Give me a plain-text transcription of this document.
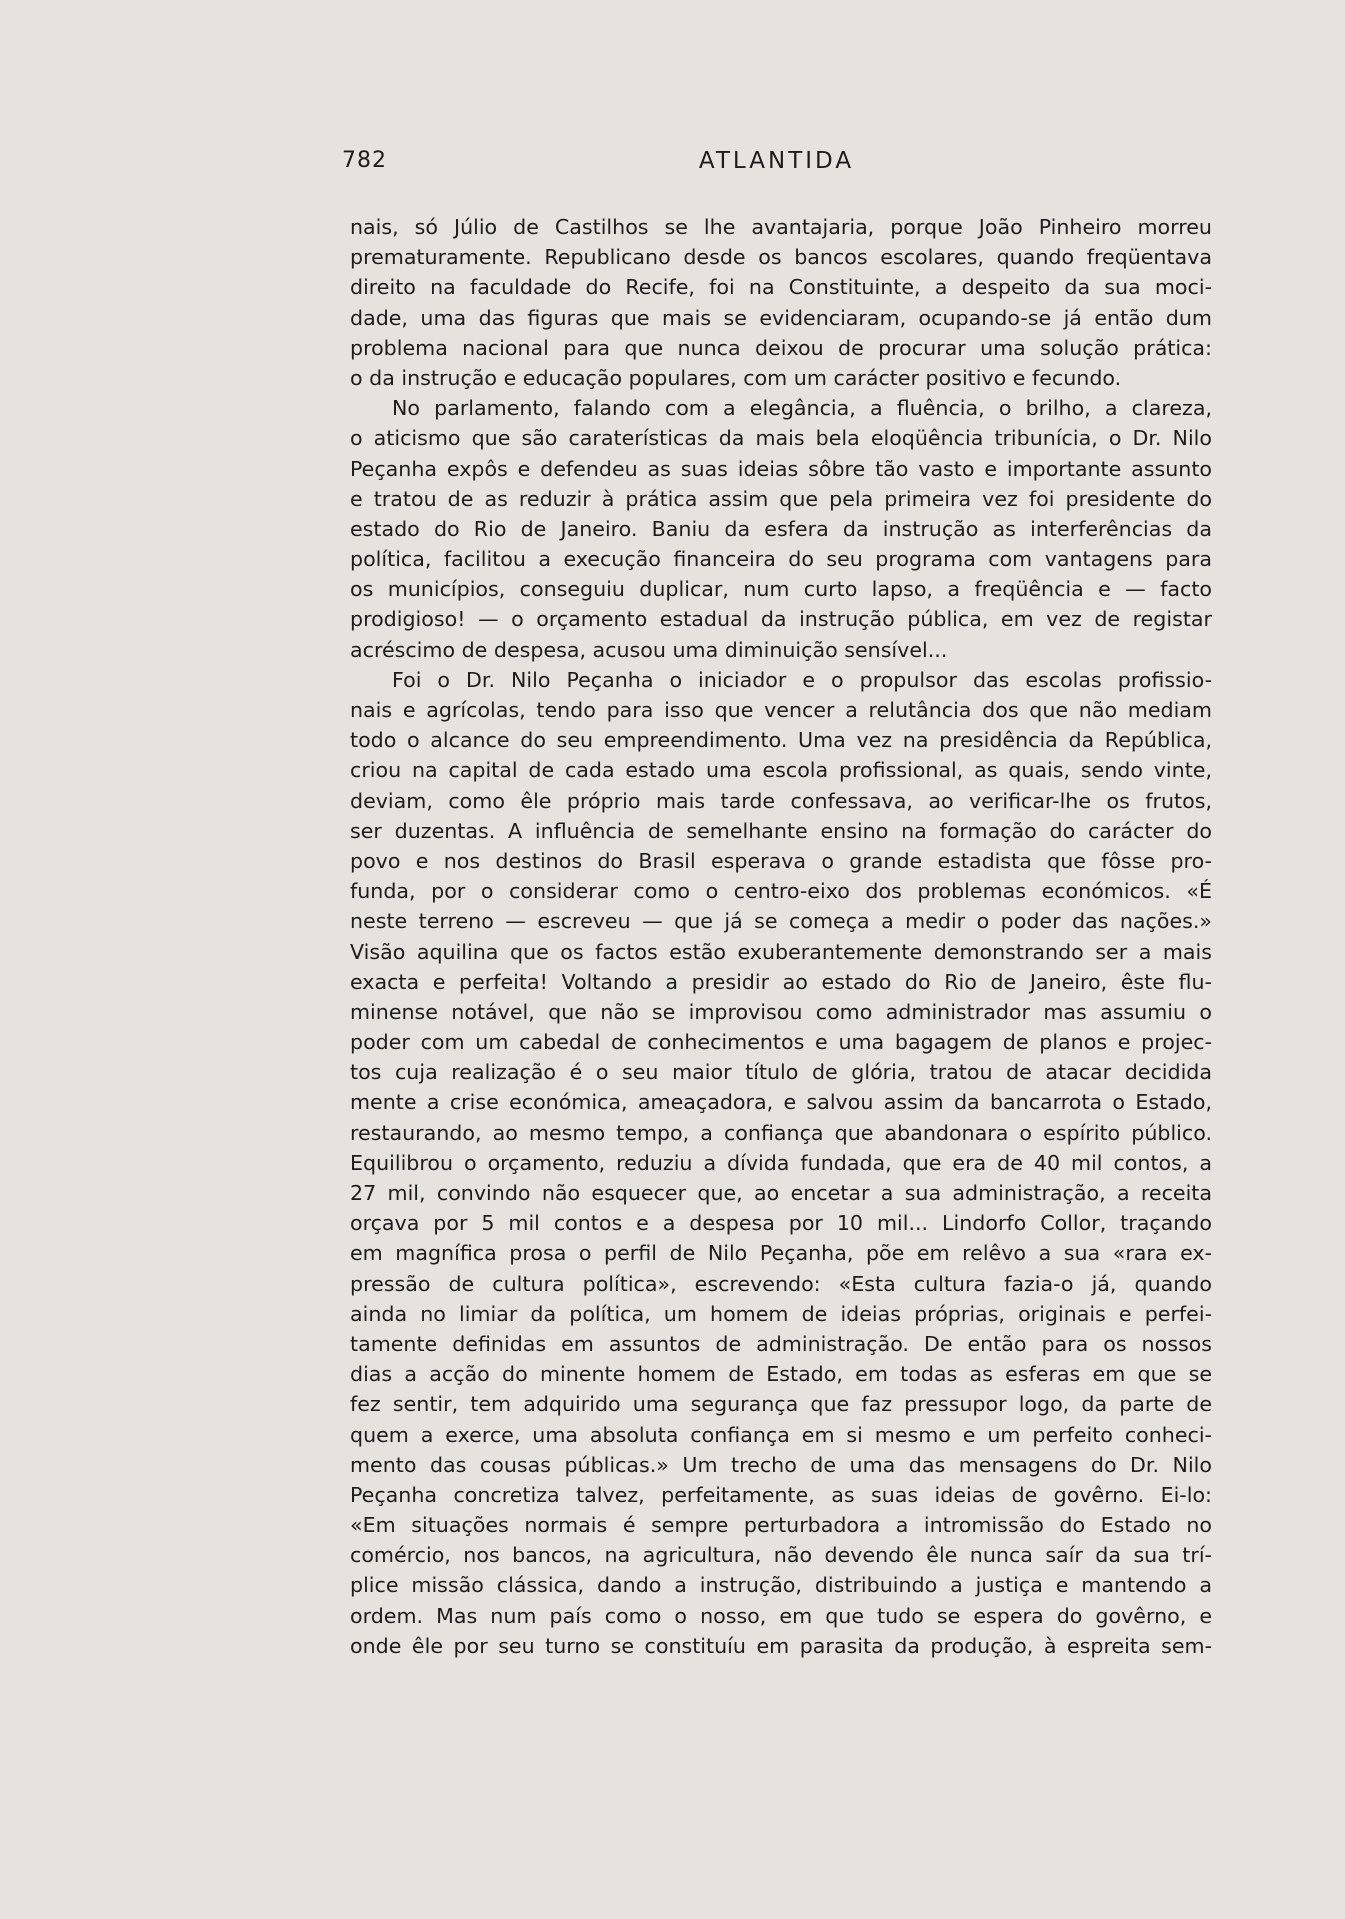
782	ATLANTIDA
nais, só Júlio de Castilhos se lhe avantajaria, porque João Pinheiro morreu
prematuramente. Republicano desde os bancos escolares, quando freqüentava
direito na faculdade do Recife, foi na Constituinte, a despeito da sua moci-
dade, uma das figuras que mais se evidenciaram, ocupando-se já então dum
problema nacional para que nunca deixou de procurar uma solução prática:
o da instrução e educação populares, com um carácter positivo e fecundo.
No parlamento, falando com a elegância, a fluência, o brilho, a clareza,
o aticismo que são caraterísticas da mais bela eloqüência tribunícia, o Dr. Nilo
Peçanha expôs e defendeu as suas ideias sôbre tão vasto e importante assunto
e tratou de as reduzir à prática assim que pela primeira vez foi presidente do
estado do Rio de Janeiro. Baniu da esfera da instrução as interferências da
política, facilitou a execução financeira do seu programa com vantagens para
os municípios, conseguiu duplicar, num curto lapso, a freqüência e — facto
prodigioso! — o orçamento estadual da instrução pública, em vez de registar
acréscimo de despesa, acusou uma diminuição sensível...
Foi o Dr. Nilo Peçanha o iniciador e o propulsor das escolas profissio-
nais e agrícolas, tendo para isso que vencer a relutância dos que não mediam
todo o alcance do seu empreendimento. Uma vez na presidência da República,
criou na capital de cada estado uma escola profissional, as quais, sendo vinte,
deviam, como êle próprio mais tarde confessava, ao verificar-lhe os frutos,
ser duzentas. A influência de semelhante ensino na formação do carácter do
povo e nos destinos do Brasil esperava o grande estadista que fôsse pro-
funda, por o considerar como o centro-eixo dos problemas económicos. «É
neste terreno — escreveu — que já se começa a medir o poder das nações.»
Visão aquilina que os factos estão exuberantemente demonstrando ser a mais
exacta e perfeita! Voltando a presidir ao estado do Rio de Janeiro, êste flu-
minense notável, que não se improvisou como administrador mas assumiu o
poder com um cabedal de conhecimentos e uma bagagem de planos e projec-
tos cuja realização é o seu maior título de glória, tratou de atacar decidida
mente a crise económica, ameaçadora, e salvou assim da bancarrota o Estado,
restaurando, ao mesmo tempo, a confiança que abandonara o espírito público.
Equilibrou o orçamento, reduziu a dívida fundada, que era de 40 mil contos, a
27 mil, convindo não esquecer que, ao encetar a sua administração, a receita
orçava por 5 mil contos e a despesa por 10 mil... Lindorfo Collor, traçando
em magnífica prosa o perfil de Nilo Peçanha, põe em relêvo a sua «rara ex-
pressão de cultura política», escrevendo: «Esta cultura fazia-o já, quando
ainda no limiar da política, um homem de ideias próprias, originais e perfei-
tamente definidas em assuntos de administração. De então para os nossos
dias a acção do minente homem de Estado, em todas as esferas em que se
fez sentir, tem adquirido uma segurança que faz pressupor logo, da parte de
quem a exerce, uma absoluta confiança em si mesmo e um perfeito conheci-
mento das cousas públicas.» Um trecho de uma das mensagens do Dr. Nilo
Peçanha concretiza talvez, perfeitamente, as suas ideias de govêrno. Ei-lo:
«Em situações normais é sempre perturbadora a intromissão do Estado no
comércio, nos bancos, na agricultura, não devendo êle nunca saír da sua trí-
plice missão clássica, dando a instrução, distribuindo a justiça e mantendo a
ordem. Mas num país como o nosso, em que tudo se espera do govêrno, e
onde êle por seu turno se constituíu em parasita da produção, à espreita sem-
